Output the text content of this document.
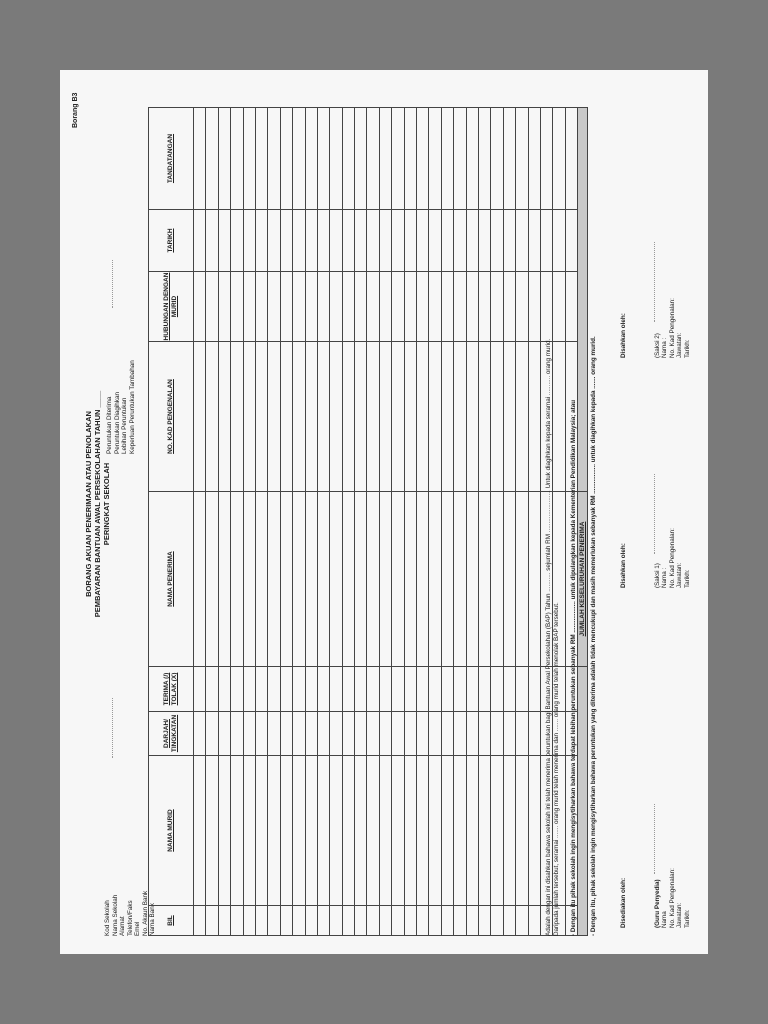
Borang B3
BORANG AKUAN PENERIMAAN ATAU PENOLAKAN PEMBAYARAN BANTUAN AWAL PERSEKOLAHAN TAHUN ____ PERINGKAT SEKOLAH
Kod Sekolah Nama Sekolah Alamat Telefon/Faks Emel No. Akaun Bank Nama Bank
Peruntukan Diterima Peruntukan Diagihkan Lebihan Peruntukan Keperluan Peruntukan Tambahan
BIL	NAMA MURID	DARJAH/ TINGKATAN	TERIMA (/) TOLAK (X)	NAMA PENERIMA	NO. KAD PENGENALAN	HUBUNGAN DENGAN MURID	TARIKH	TANDATANGAN

				JUMLAH KESELURUHAN PENERIMA				
Adalah dengan ini disahkan bahawa sekolah ini telah menerima peruntukan bagi Bantuan Awal Persekolahan (BAP) Tahun ........... sejumlah RM ........................ Untuk diagihkan kepada seramai ........... orang murid. Daripada jumlah tersebut, seramai ....... orang murid telah menerima dan ....... orang murid telah menolak BAP tersebut. - Dengan itu pihak sekolah ingin mengisytiharkan bahawa terdapat lebihan peruntukan sebanyak RM .................. untuk dipulangkan kepada Kementerian Pendidikan Malaysia; atau - Dengan itu, pihak sekolah ingin mengisytiharkan bahawa peruntukan yang diterima adalah tidak mencukupi dan masih memerlukan sebanyak RM ................. untuk diagihkan kepada ....... orang murid.	Disediakan oleh:	(Guru Penyedia) Nama No. Kad Pengenalan: Jawatan: Tarikh:
Disahkan oleh:	(Saksi 1) Nama : No. Kad Pengenalan: Jawatan: Tarikh:
Disahkan oleh:	(Saksi 2) Nama : No. Kad Pengenalan: Jawatan: Tarikh:
